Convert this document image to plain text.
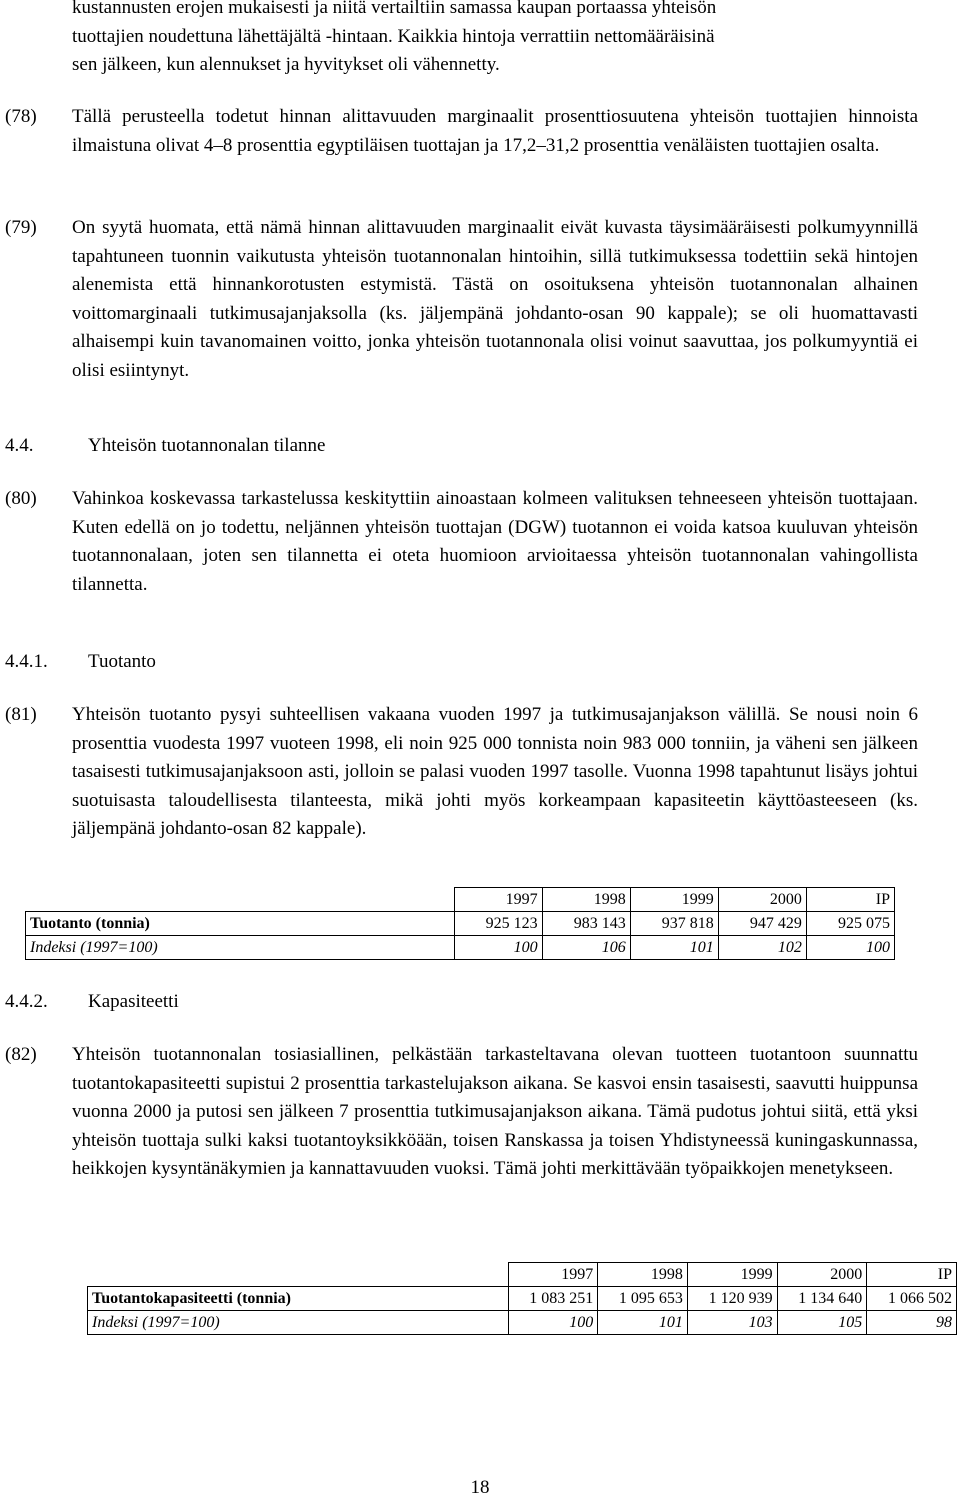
kustannusten erojen mukaisesti ja niitä vertailtiin samassa kaupan portaassa yhteisön
tuottajien noudettuna lähettäjältä -hintaan. Kaikkia hintoja verrattiin nettomääräisinä
sen jälkeen, kun alennukset ja hyvitykset oli vähennetty.
(78) Tällä perusteella todetut hinnan alittavuuden marginaalit prosenttiosuutena yhteisön tuottajien hinnoista ilmaistuna olivat 4–8 prosenttia egyptiläisen tuottajan ja 17,2–31,2 prosenttia venäläisten tuottajien osalta.
(79) On syytä huomata, että nämä hinnan alittavuuden marginaalit eivät kuvasta täysimääräisesti polkumyynnillä tapahtuneen tuonnin vaikutusta yhteisön tuotannonalan hintoihin, sillä tutkimuksessa todettiin sekä hintojen alenemista että hinnankorotusten estymistä. Tästä on osoituksena yhteisön tuotannonalan alhainen voittomarginaali tutkimusajanjaksolla (ks. jäljempänä johdanto-osan 90 kappale); se oli huomattavasti alhaisempi kuin tavanomainen voitto, jonka yhteisön tuotannonala olisi voinut saavuttaa, jos polkumyyntiä ei olisi esiintynyt.
4.4.	Yhteisön tuotannonalan tilanne
(80) Vahinkoa koskevassa tarkastelussa keskityttiin ainoastaan kolmeen valituksen tehneeseen yhteisön tuottajaan. Kuten edellä on jo todettu, neljännen yhteisön tuottajan (DGW) tuotannon ei voida katsoa kuuluvan yhteisön tuotannonalaan, joten sen tilannetta ei oteta huomioon arvioitaessa yhteisön tuotannonalan vahingollista tilannetta.
4.4.1. Tuotanto
(81) Yhteisön tuotanto pysyi suhteellisen vakaana vuoden 1997 ja tutkimusajanjakson välillä. Se nousi noin 6 prosenttia vuodesta 1997 vuoteen 1998, eli noin 925 000 tonnista noin 983 000 tonniin, ja väheni sen jälkeen tasaisesti tutkimusajanjaksoon asti, jolloin se palasi vuoden 1997 tasolle. Vuonna 1998 tapahtunut lisäys johtui suotuisasta taloudellisesta tilanteesta, mikä johti myös korkeampaan kapasiteetin käyttöasteeseen (ks. jäljempänä johdanto-osan 82 kappale).
	1997	1998	1999	2000	IP
Tuotanto (tonnia)	925 123	983 143	937 818	947 429	925 075
Indeksi (1997=100)	100	106	101	102	100
4.4.2. Kapasiteetti
(82) Yhteisön tuotannonalan tosiasiallinen, pelkästään tarkasteltavana olevan tuotteen tuotantoon suunnattu tuotantokapasiteetti supistui 2 prosenttia tarkastelujakson aikana. Se kasvoi ensin tasaisesti, saavutti huippunsa vuonna 2000 ja putosi sen jälkeen 7 prosenttia tutkimusajanjakson aikana. Tämä pudotus johtui siitä, että yksi yhteisön tuottaja sulki kaksi tuotantoyksikköään, toisen Ranskassa ja toisen Yhdistyneessä kuningaskunnassa, heikkojen kysyntänäkymien ja kannattavuuden vuoksi. Tämä johti merkittävään työpaikkojen menetykseen.
	1997	1998	1999	2000	IP
Tuotantokapasiteetti (tonnia)	1 083 251	1 095 653	1 120 939	1 134 640	1 066 502
Indeksi (1997=100)	100	101	103	105	98
18
